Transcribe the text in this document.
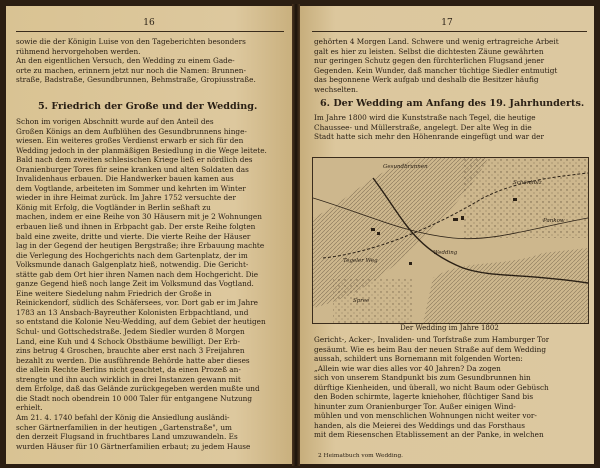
16
sowie die der Königin Luise von den Tageberichten besonders
rühmend hervorgehoben werden.
An den eigentlichen Versuch, den Wedding zu einem Gade-
orte zu machen, erinnern jetzt nur noch die Namen: Brunnen-
straße, Badstraße, Gesundbrunnen, Behmstraße, Gropiusstraße.
5. Friedrich der Große und der Wedding.
Schon im vorigen Abschnitt wurde auf den Anteil des
Großen Königs an dem Aufblühen des Gesundbrunnens hinge-
wiesen. Ein weiteres großes Verdienst erwarb er sich für den
Wedding jedoch in der planmäßigen Besiedlung in die Wege leitete.
Bald nach dem zweiten schlesischen Kriege ließ er nördlich des
Oranienburger Tores für seine kranken und alten Soldaten das
Invalidenhaus erbauen. Die Handwerker bauen kamen aus
dem Vogtlande, arbeiteten im Sommer und kehrten im Winter
wieder in ihre Heimat zurück. Im Jahre 1752 versuchte der
König mit Erfolg, die Vogtländer in Berlin seßhaft zu
machen, indem er eine Reihe von 30 Häusern mit je 2 Wohnungen
erbauen ließ und ihnen in Erbpacht gab. Der erste Reihe folgten
bald eine zweite, dritte und vierte. Die vierte Reihe der Häuser
lag in der Gegend der heutigen Bergstraße; ihre Erbauung machte
die Verlegung des Hochgerichts nach dem Gartenplatz, der im
Volksmunde danach Galgenplatz hieß, notwendig. Die Gericht-
stätte gab dem Ort hier ihren Namen nach dem Hochgericht. Die
ganze Gegend hieß noch lange Zeit im Volksmund das Vogtland.
Eine weitere Siedelung nahm Friedrich der Große in
Reinickendorf, südlich des Schäfersees, vor. Dort gab er im Jahre
1783 an 13 Ansbach-Bayreuther Kolonisten Erbpachtland, und
so entstand die Kolonie Neu-Wedding, auf dem Gebiet der heutigen
Schul- und Gottschedstraße. Jedem Siedler wurden 8 Morgen
Land, eine Kuh und 4 Schock Obstbäume bewilligt. Der Erb-
zins betrug 4 Groschen, brauchte aber erst nach 3 Freijahren
bezahlt zu werden. Die ausführende Behörde hatte aber dieses
die allein Rechte Berlins nicht geachtet, da einen Prozeß an-
strengte und ihn auch wirklich in drei Instanzen gewann mit
dem Erfolge, daß das Gelände zurückgegeben werden mußte und
die Stadt noch obendrein 10 000 Taler für entgangene Nutzung
erhielt.
Am 21. 4. 1740 befahl der König die Ansiedlung ausländi-
scher Gärtnerfamilien in der heutigen „Gartenstraße", um
den derzeit Flugsand in fruchtbares Land umzuwandeln. Es
wurden Häuser für 10 Gärtnerfamilien erbaut; zu jedem Hause
17
gehörten 4 Morgen Land. Schwere und wenig ertragreiche Arbeit
galt es hier zu leisten. Selbst die dichtesten Zäune gewährten
nur geringen Schutz gegen den fürchterlichen Flugsand jener
Gegenden. Kein Wunder, daß mancher tüchtige Siedler entmutigt
das begonnene Werk aufgab und deshalb die Besitzer häufig
wechselten.
6. Der Wedding am Anfang des 19. Jahrhunderts.
Im Jahre 1800 wird die Kunststraße nach Tegel, die heutige
Chaussee- und Müllerstraße, angelegt. Der alte Weg in die
Stadt hatte sich mehr den Höhenrande eingefügt und war der
Gesundbrunnen
Wedding
Schönholz
Pankow
Tegeler Weg
Spree
Der Wedding im Jahre 1802
Gericht-, Acker-, Invaliden- und Torfstraße zum Hamburger Tor
gesäumt. Wie es beim Bau der neuen Straße auf dem Wedding
aussah, schildert uns Bornemann mit folgenden Worten:
„Allein wie war dies alles vor 40 Jahren? Da zogen
sich von unserem Standpunkt bis zum Gesundbrunnen hin
dürftige Kienheiden, und überall, wo nicht Baum oder Gebüsch
den Boden schirmte, lagerte kniehoher, flüchtiger Sand bis
hinunter zum Oranienburger Tor. Außer einigen Wind-
mühlen und von menschlichen Wohnungen nicht weiter vor-
handen, als die Meierei des Weddings und das Forsthaus
mit dem Riesenschen Etablissement an der Panke, in welchen
2 Heimatbuch vom Wedding.
